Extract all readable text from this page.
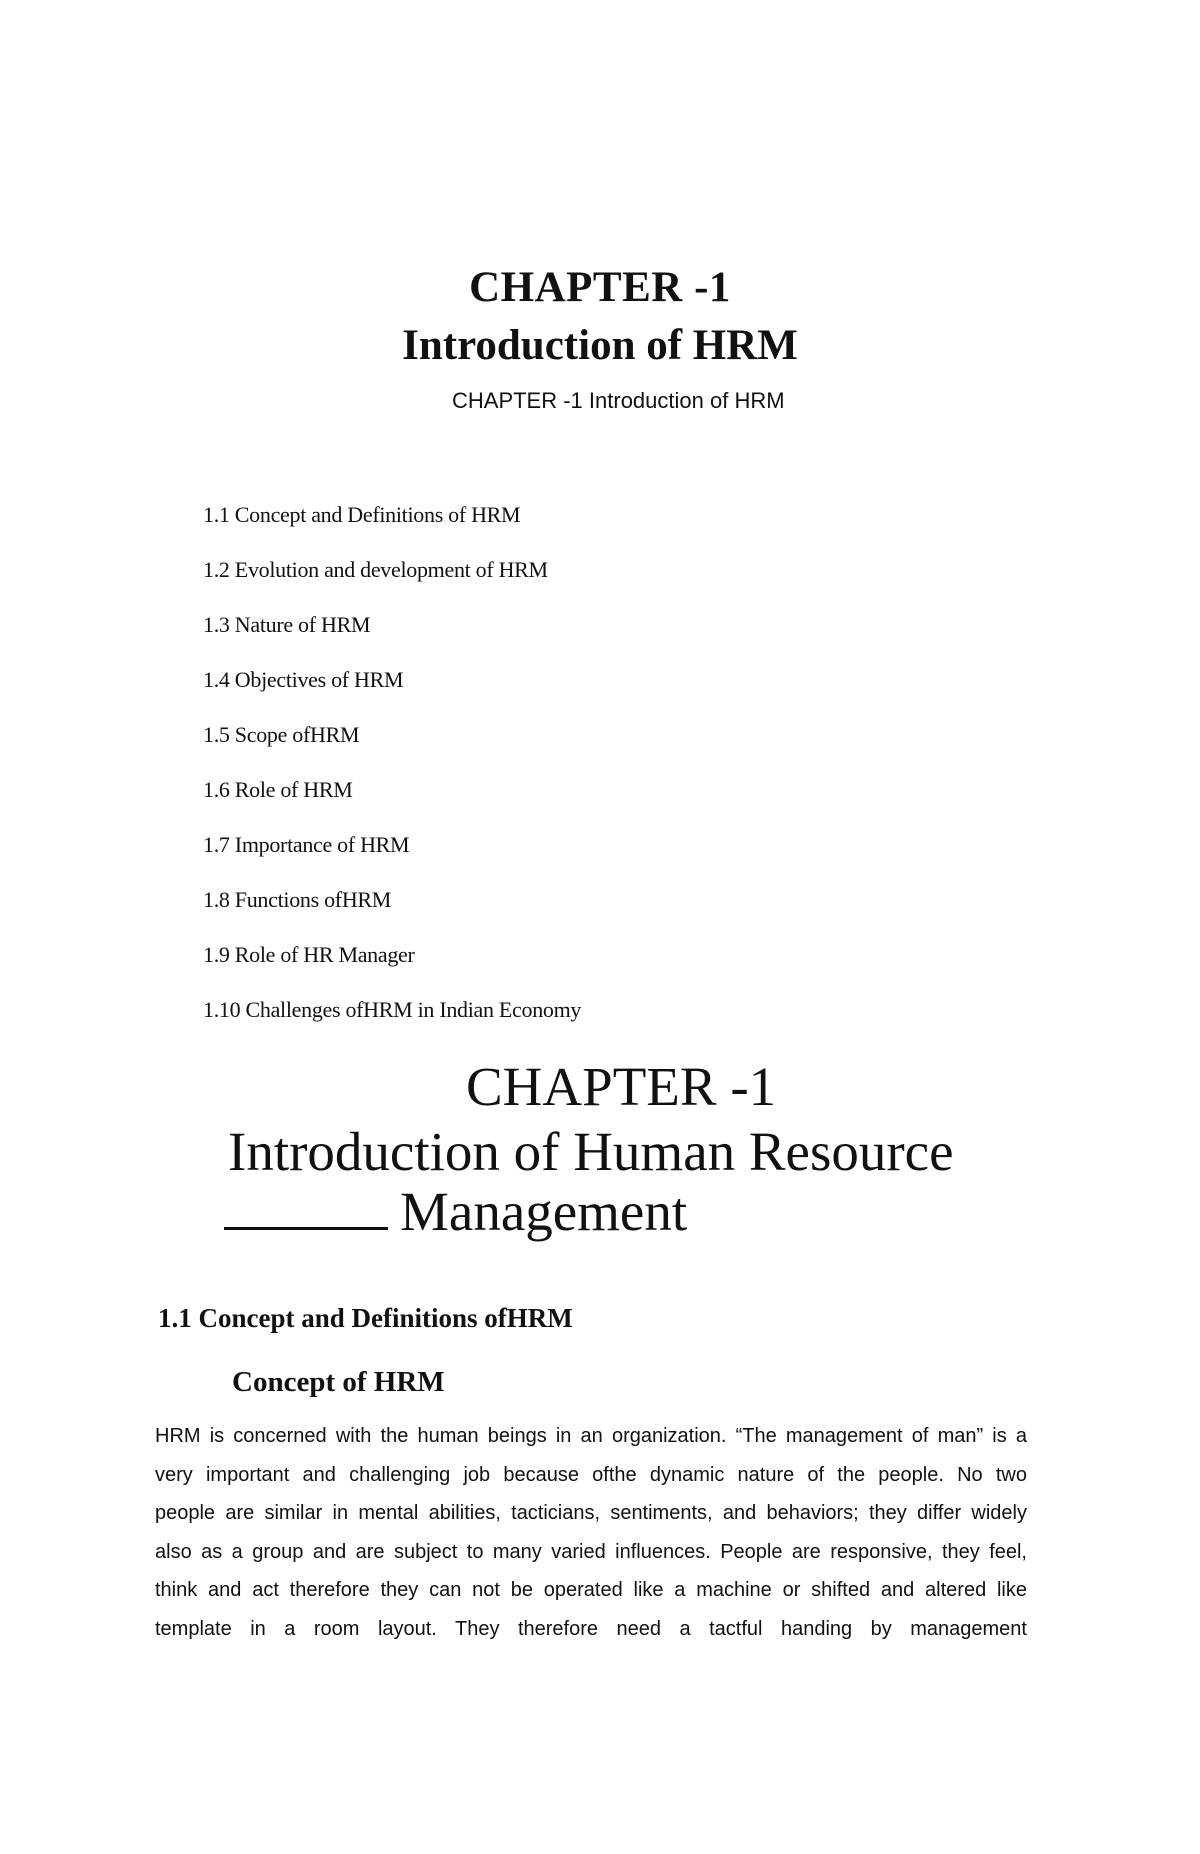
CHAPTER -1
Introduction of HRM
CHAPTER -1 Introduction of HRM
1.1 Concept and Definitions of HRM
1.2 Evolution and development of HRM
1.3 Nature of HRM
1.4 Objectives of HRM
1.5 Scope ofHRM
1.6 Role of HRM
1.7 Importance of HRM
1.8 Functions ofHRM
1.9 Role of HR Manager
1.10 Challenges ofHRM in Indian Economy
CHAPTER -1
Introduction of Human Resource
Management
1.1 Concept and Definitions ofHRM
Concept of HRM
HRM is concerned with the human beings in an organization. “The management of man” is a
very important and challenging job because ofthe dynamic nature of the people. No two
people are similar in mental abilities, tacticians, sentiments, and behaviors; they differ widely
also as a group and are subject to many varied influences. People are responsive, they feel,
think and act therefore they can not be operated like a machine or shifted and altered like
template in a room layout. They therefore need a tactful handing by management
